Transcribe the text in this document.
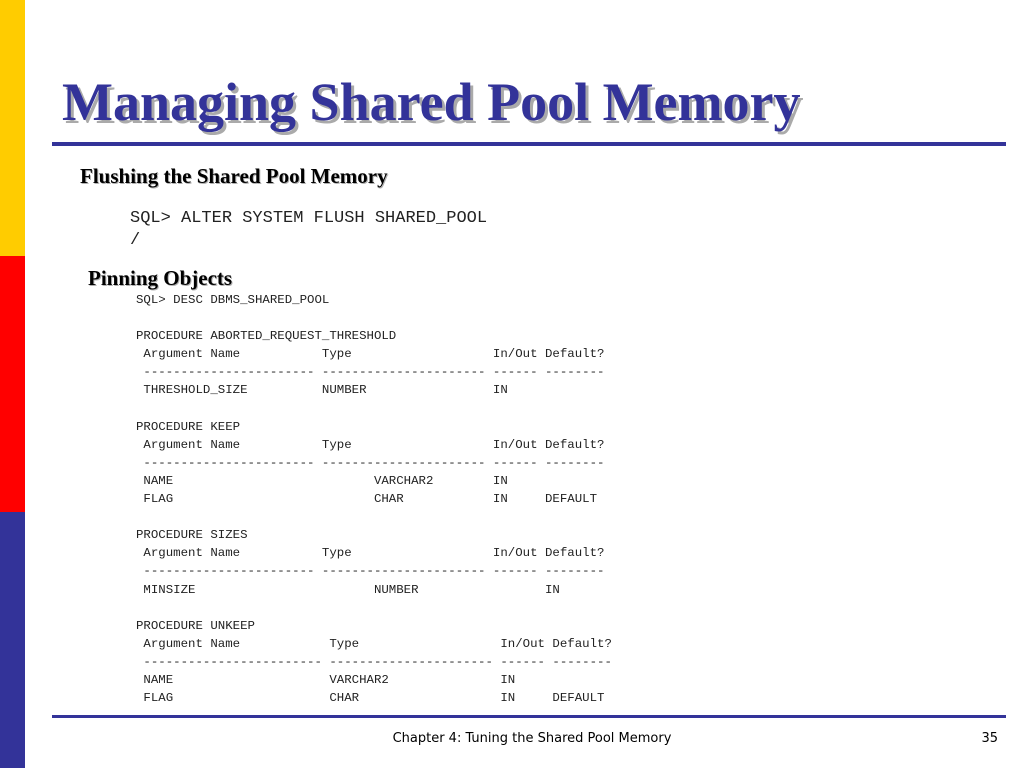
Managing Shared Pool Memory
Flushing the Shared Pool Memory
SQL> ALTER SYSTEM FLUSH SHARED_POOL
/
Pinning Objects
SQL> DESC DBMS_SHARED_POOL

PROCEDURE ABORTED_REQUEST_THRESHOLD
Argument Name           Type                   In/Out Default?
----------------------- ---------------------- ------ --------
THRESHOLD_SIZE          NUMBER                 IN

PROCEDURE KEEP
Argument Name           Type                   In/Out Default?
----------------------- ---------------------- ------ --------
NAME                           VARCHAR2        IN
FLAG                           CHAR            IN     DEFAULT

PROCEDURE SIZES
Argument Name           Type                   In/Out Default?
----------------------- ---------------------- ------ --------
MINSIZE                        NUMBER                 IN

PROCEDURE UNKEEP
Argument Name            Type                   In/Out Default?
------------------------ ---------------------- ------ --------
NAME                     VARCHAR2               IN
FLAG                     CHAR                   IN     DEFAULT
Chapter 4: Tuning the Shared Pool Memory	35
